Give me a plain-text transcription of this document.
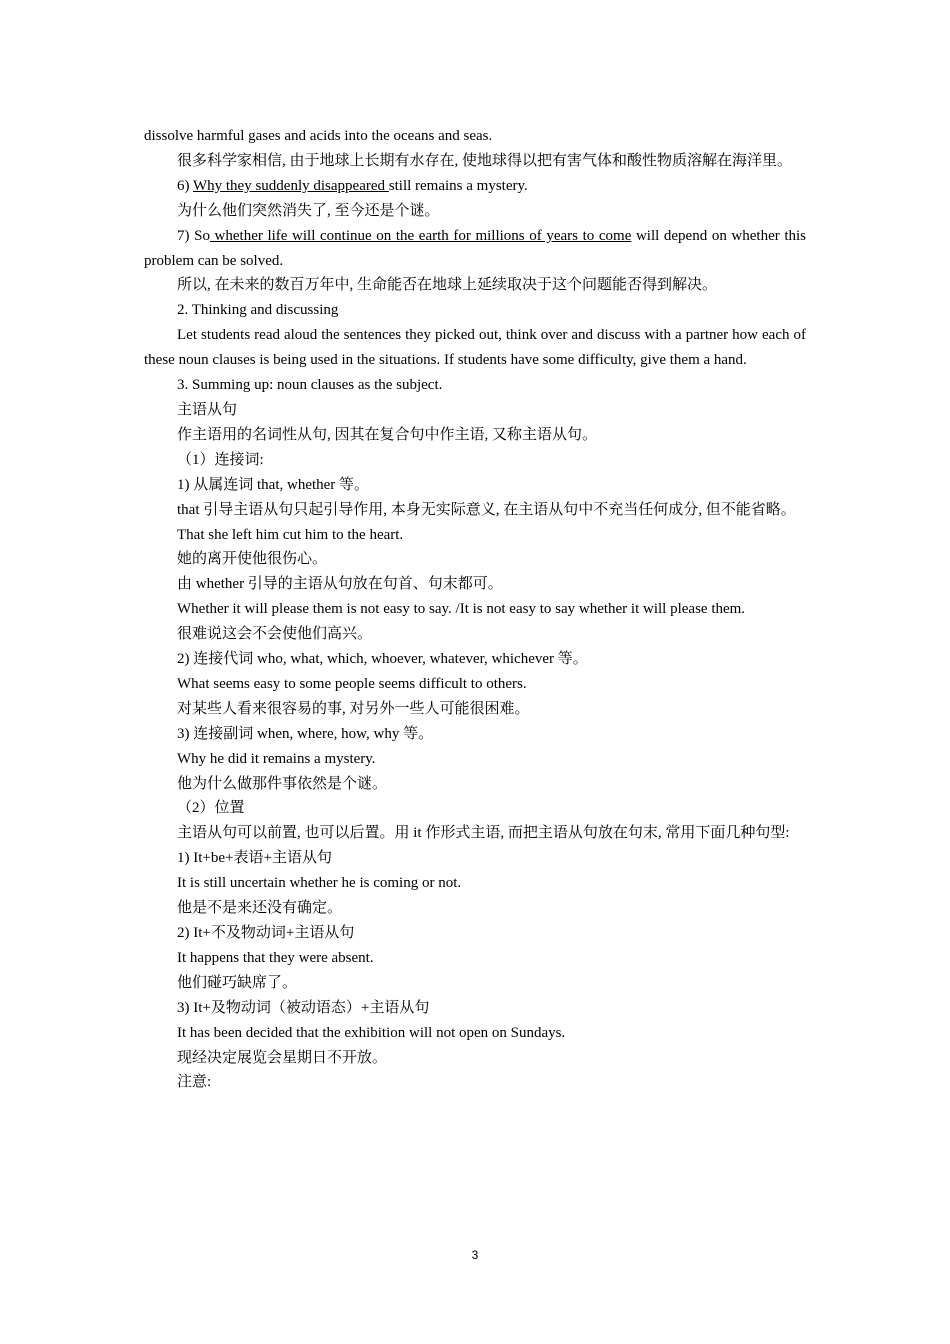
dissolve harmful gases and acids into the oceans and seas.

很多科学家相信, 由于地球上长期有水存在, 使地球得以把有害气体和酸性物质溶解在海洋里。

6) Why they suddenly disappeared still remains a mystery.

为什么他们突然消失了, 至今还是个谜。

7) So whether life will continue on the earth for millions of years to come will depend on whether this problem can be solved.

所以, 在未来的数百万年中, 生命能否在地球上延续取决于这个问题能否得到解决。

2. Thinking and discussing

Let students read aloud the sentences they picked out, think over and discuss with a partner how each of these noun clauses is being used in the situations. If students have some difficulty, give them a hand.

3. Summing up: noun clauses as the subject.

主语从句

作主语用的名词性从句, 因其在复合句中作主语, 又称主语从句。

（1）连接词:

1) 从属连词 that, whether 等。

that 引导主语从句只起引导作用, 本身无实际意义, 在主语从句中不充当任何成分, 但不能省略。

That she left him cut him to the heart.

她的离开使他很伤心。

由 whether 引导的主语从句放在句首、句末都可。

Whether it will please them is not easy to say. /It is not easy to say whether it will please them.

很难说这会不会使他们高兴。

2) 连接代词 who, what, which, whoever, whatever, whichever 等。

What seems easy to some people seems difficult to others.

对某些人看来很容易的事, 对另外一些人可能很困难。

3) 连接副词 when, where, how, why 等。

Why he did it remains a mystery.

他为什么做那件事依然是个谜。

（2）位置

主语从句可以前置, 也可以后置。用 it 作形式主语, 而把主语从句放在句末, 常用下面几种句型:

1) It+be+表语+主语从句

It is still uncertain whether he is coming or not.

他是不是来还没有确定。

2) It+不及物动词+主语从句

It happens that they were absent.

他们碰巧缺席了。

3) It+及物动词（被动语态）+主语从句

It has been decided that the exhibition will not open on Sundays.

现经决定展览会星期日不开放。

注意:

3
